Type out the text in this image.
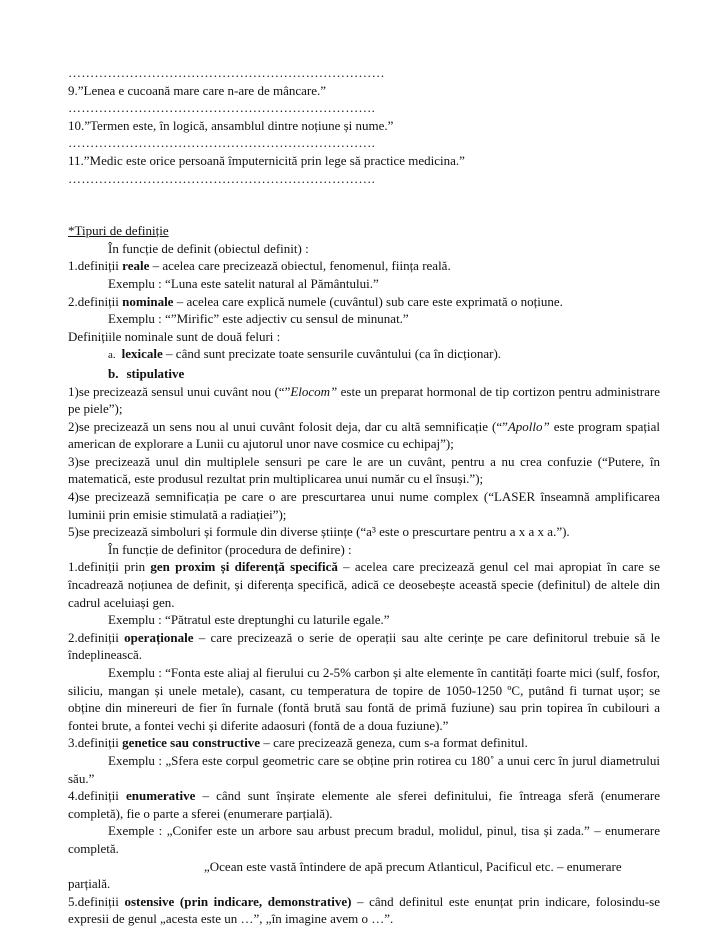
………………………………………………………………

9.”Lenea e cucoană mare care n-are de mâncare.”

…………………………………………………………….

10.”Termen este, în logică, ansamblul dintre noțiune și nume.”

…………………………………………………………….

11.”Medic este orice persoană împuternicită prin lege să practice medicina.”

…………………………………………………………….

*Tipuri de definiție

În funcție de definit (obiectul definit) :

1.definiții reale – acelea care precizează obiectul, fenomenul, ființa reală.

Exemplu : “Luna este satelit natural al Pământului.”

2.definiții nominale – acelea care explică numele (cuvântul) sub care este exprimată o noțiune.

Exemplu : “”Mirific” este adjectiv cu sensul de minunat.”

Definițiile nominale sunt de două feluri :

a. lexicale – când sunt precizate toate sensurile cuvântului (ca în dicționar).

b. stipulative

1)se precizează sensul unui cuvânt nou (“”Elocom” este un preparat hormonal de tip cortizon pentru administrare pe piele”);

2)se precizează un sens nou al unui cuvânt folosit deja, dar cu altă semnificație (“”Apollo” este program spațial american de explorare a Lunii cu ajutorul unor nave cosmice cu echipaj”);

3)se precizează unul din multiplele sensuri pe care le are un cuvânt, pentru a nu crea confuzie (“Putere, în matematică, este produsul rezultat prin multiplicarea unui număr cu el însuși.”);

4)se precizează semnificația pe care o are prescurtarea unui nume complex (“LASER înseamnă amplificarea luminii prin emisie stimulată a radiației”);

5)se precizează simboluri și formule din diverse științe (“a³ este o prescurtare pentru a x a x a.”).

În funcție de definitor (procedura de definire) :

1.definiții prin gen proxim și diferență specifică – acelea care precizează genul cel mai apropiat în care se încadrează noțiunea de definit, și diferența specifică, adică ce deosebește această specie (definitul) de altele din cadrul aceluiași gen.

Exemplu : “Pătratul este dreptunghi cu laturile egale.”

2.definiții operaționale – care precizează o serie de operații sau alte cerințe pe care definitorul trebuie să le îndeplinească.

Exemplu : “Fonta este aliaj al fierului cu 2-5% carbon și alte elemente în cantități foarte mici (sulf, fosfor, siliciu, mangan și unele metale), casant, cu temperatura de topire de 1050-1250 ºC, putând fi turnat ușor; se obține din minereuri de fier în furnale (fontă brută sau fontă de primă fuziune) sau prin topirea în cubilouri a fontei brute, a fontei vechi și diferite adaosuri (fontă de a doua fuziune).”

3.definiții genetice sau constructive – care precizează geneza, cum s-a format definitul.

Exemplu : „Sfera este corpul geometric care se obține prin rotirea cu 180˚ a unui cerc în jurul diametrului său.”

4.definiții enumerative – când sunt înșirate elemente ale sferei definitului, fie întreaga sferă (enumerare completă), fie o parte a sferei (enumerare parțială).

Exemple : „Conifer este un arbore sau arbust precum bradul, molidul, pinul, tisa și zada.” – enumerare completă.

„Ocean este vastă întindere de apă precum Atlanticul, Pacificul etc. – enumerare

parțială.

5.definiții ostensive (prin indicare, demonstrative) – când definitul este enunțat prin indicare, folosindu-se expresii de genul „acesta este un …”, „în imagine avem o …”.
